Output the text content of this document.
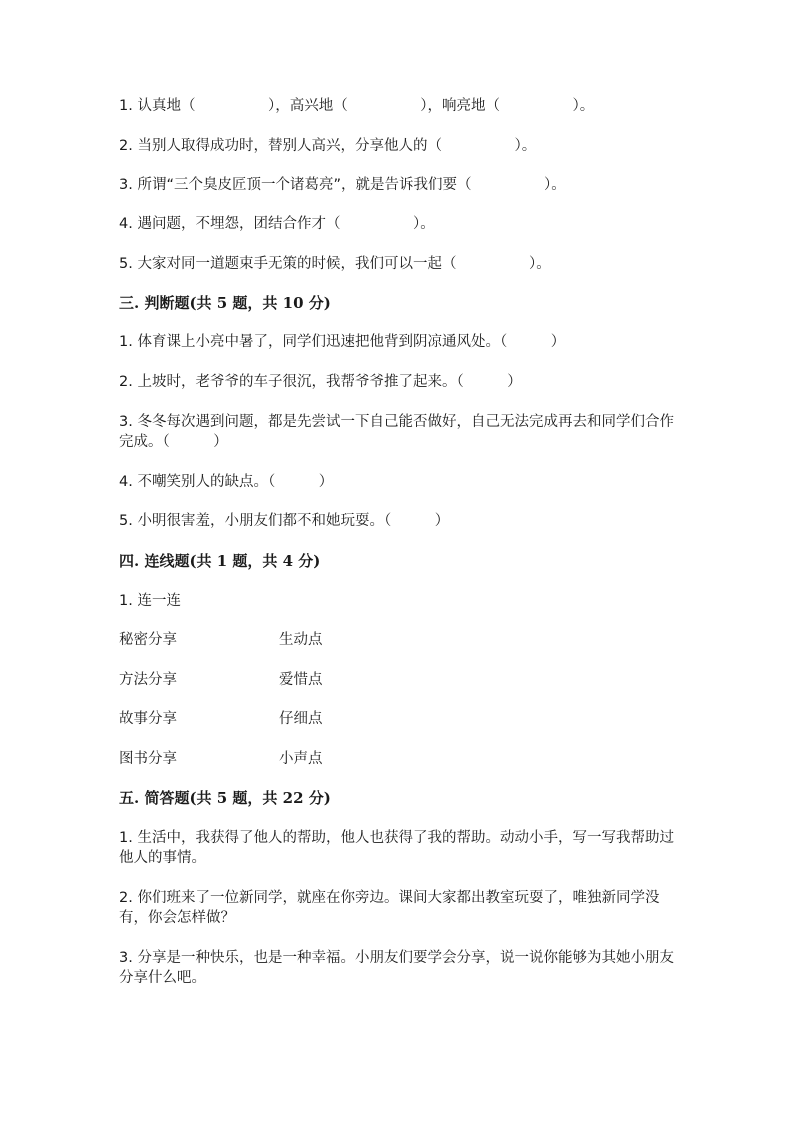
1. 认真地（　　　　　），高兴地（　　　　　），响亮地（　　　　　）。
2. 当别人取得成功时，替别人高兴，分享他人的（　　　　　）。
3. 所谓“三个臭皮匠顶一个诸葛亮”，就是告诉我们要（　　　　　）。
4. 遇问题，不埋怨，团结合作才（　　　　　）。
5. 大家对同一道题束手无策的时候，我们可以一起（　　　　　）。
三. 判断题(共 5 题，共 10 分)
1. 体育课上小亮中暑了，同学们迅速把他背到阴凉通风处。（　　　）
2. 上坡时，老爷爷的车子很沉，我帮爷爷推了起来。（　　　）
3. 冬冬每次遇到问题，都是先尝试一下自己能否做好，自己无法完成再去和同学们合作完成。（　　　）
4. 不嘲笑别人的缺点。（　　　）
5. 小明很害羞，小朋友们都不和她玩耍。（　　　）
四. 连线题(共 1 题，共 4 分)
1. 连一连
秘密分享	生动点
方法分享	爱惜点
故事分享	仔细点
图书分享	小声点
五. 简答题(共 5 题，共 22 分)
1. 生活中，我获得了他人的帮助，他人也获得了我的帮助。动动小手，写一写我帮助过他人的事情。
2. 你们班来了一位新同学，就座在你旁边。课间大家都出教室玩耍了，唯独新同学没有，你会怎样做？
3. 分享是一种快乐，也是一种幸福。小朋友们要学会分享，说一说你能够为其她小朋友分享什么吧。
